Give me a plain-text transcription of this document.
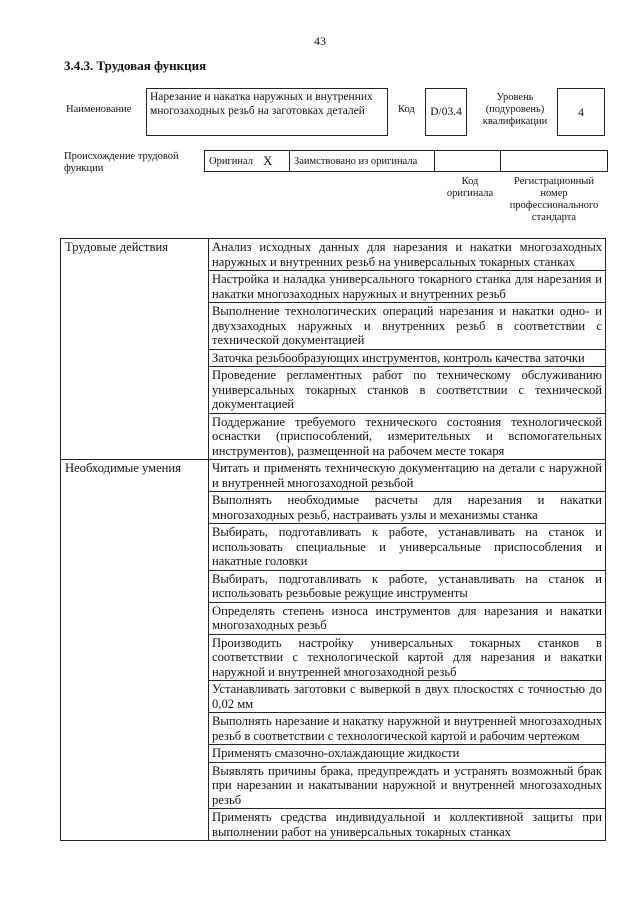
43
3.4.3. Трудовая функция
Наименование
Нарезание и накатка наружных и внутренних многозаходных резьб на заготовках деталей	Код	D/03.4
Уровень (подуровень) квалификации
4
Происхождение трудовой функции
Оригинал X	Заимствовано из оригинала
Код оригинала
Регистрационный номер профессионального стандарта
Трудовые действия	Анализ исходных данных для нарезания и накатки многозаходных наружных и внутренних резьб на универсальных токарных станках
	Настройка и наладка универсального токарного станка для нарезания и накатки многозаходных наружных и внутренних резьб
	Выполнение технологических операций нарезания и накатки одно- и двухзаходных наружных и внутренних резьб в соответствии с технической документацией
	Заточка резьбообразующих инструментов, контроль качества заточки
	Проведение регламентных работ по техническому обслуживанию универсальных токарных станков в соответствии с технической документацией
	Поддержание требуемого технического состояния технологической оснастки (приспособлений, измерительных и вспомогательных инструментов), размещенной на рабочем месте токаря
Необходимые умения	Читать и применять техническую документацию на детали с наружной и внутренней многозаходной резьбой
	Выполнять необходимые расчеты для нарезания и накатки многозаходных резьб, настраивать узлы и механизмы станка
	Выбирать, подготавливать к работе, устанавливать на станок и использовать специальные и универсальные приспособления и накатные головки
	Выбирать, подготавливать к работе, устанавливать на станок и использовать резьбовые режущие инструменты
	Определять степень износа инструментов для нарезания и накатки многозаходных резьб
	Производить настройку универсальных токарных станков в соответствии с технологической картой для нарезания и накатки наружной и внутренней многозаходной резьб
	Устанавливать заготовки с выверкой в двух плоскостях с точностью до 0,02 мм
	Выполнять нарезание и накатку наружной и внутренней многозаходных резьб в соответствии с технологической картой и рабочим чертежом
	Применять смазочно-охлаждающие жидкости
	Выявлять причины брака, предупреждать и устранять возможный брак при нарезании и накатывании наружной и внутренней многозаходных резьб
	Применять средства индивидуальной и коллективной защиты при выполнении работ на универсальных токарных станках
